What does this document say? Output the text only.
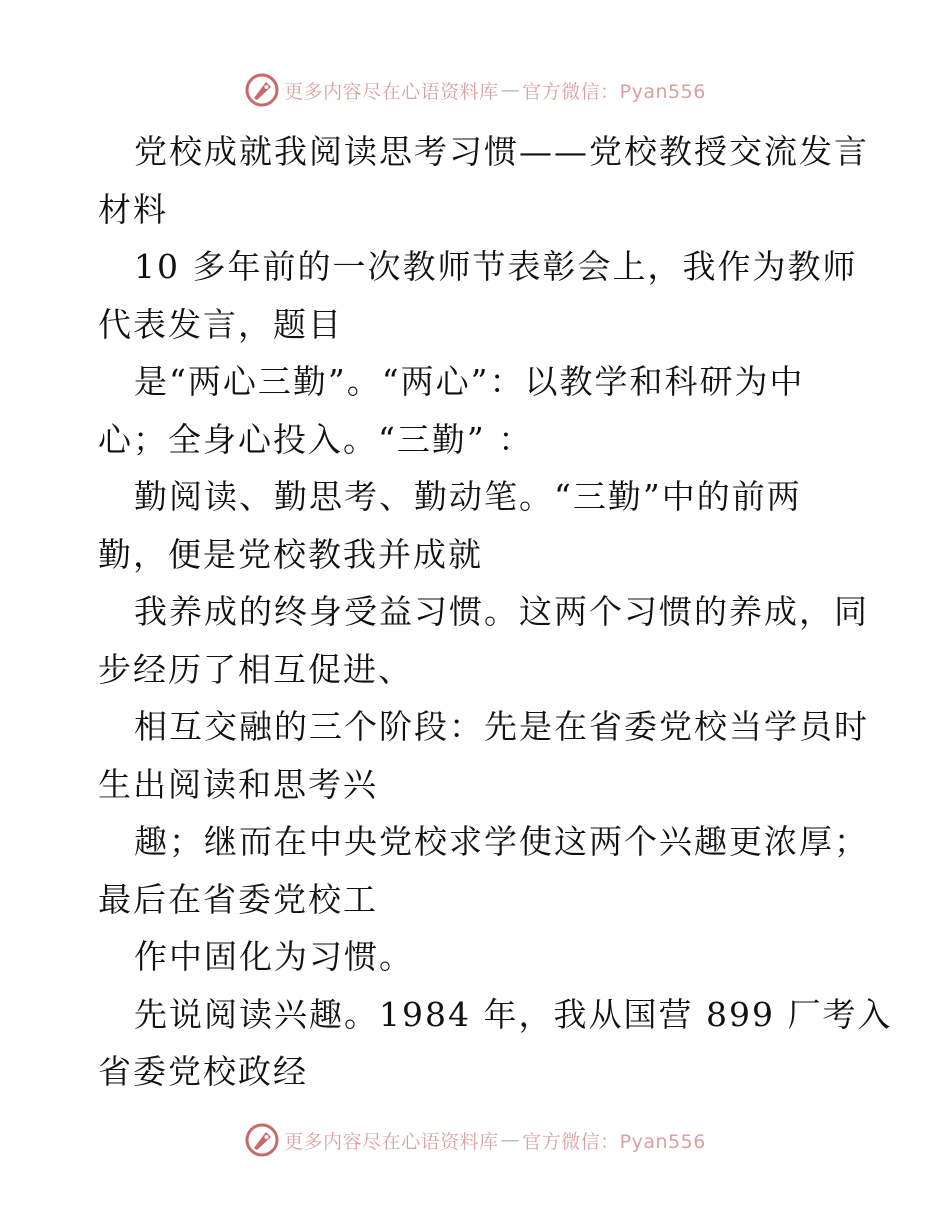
更多内容尽在心语资料库 — 官方微信：Pyan556
党校成就我阅读思考习惯——党校教授交流发言
材料
10 多年前的一次教师节表彰会上，我作为教师
代表发言，题目
是“两心三勤”。“两心”：以教学和科研为中
心；全身心投入。“三勤” ：
勤阅读、勤思考、勤动笔。“三勤”中的前两
勤，便是党校教我并成就
我养成的终身受益习惯。这两个习惯的养成，同
步经历了相互促进、
相互交融的三个阶段：先是在省委党校当学员时
生出阅读和思考兴
趣；继而在中央党校求学使这两个兴趣更浓厚；
最后在省委党校工
作中固化为习惯。
先说阅读兴趣。1984 年，我从国营 899 厂考入
省委党校政经
更多内容尽在心语资料库 — 官方微信：Pyan556
